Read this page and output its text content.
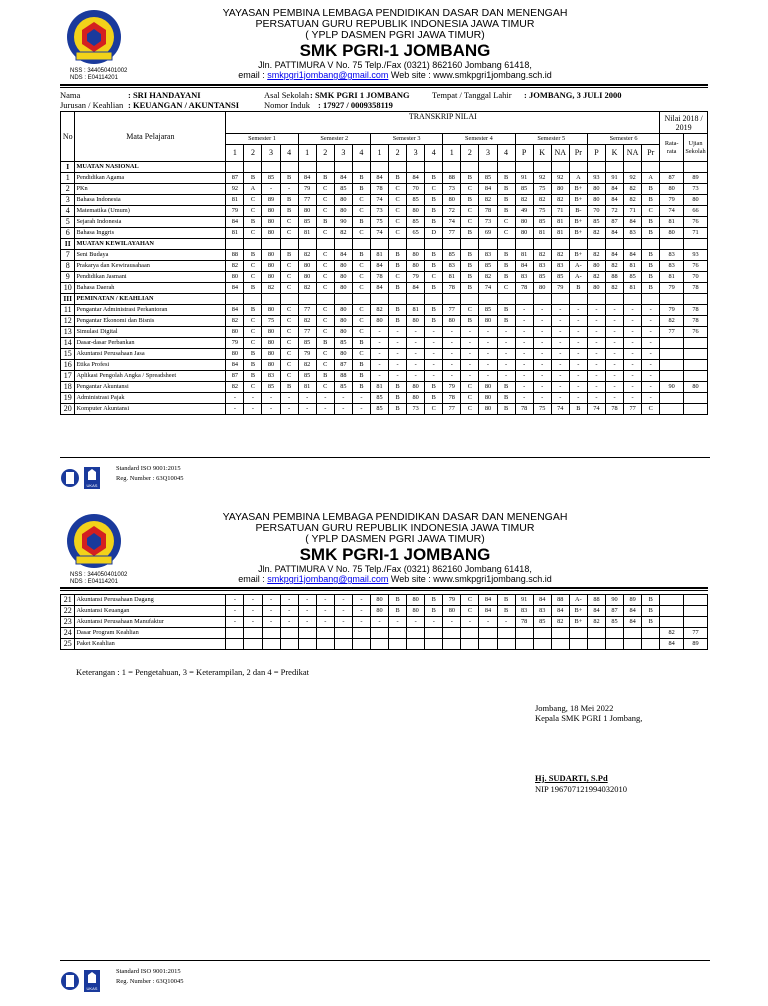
NSS : 344050401002
NDS : E04114201
YAYASAN PEMBINA LEMBAGA PENDIDIKAN DASAR DAN MENENGAH
PERSATUAN GURU REPUBLIK INDONESIA JAWA TIMUR
( YPLP DASMEN PGRI JAWA TIMUR)
SMK PGRI-1 JOMBANG
Jln. PATTIMURA V No. 75 Telp./Fax (0321) 862160 Jombang 61418,
email : smkpgri1jombang@gmail.com Web site : www.smkpgri1jombang.sch.id
Nama	: SRI HANDAYANI	Asal Sekolah : SMK PGRI 1 JOMBANG	Tempat / Tanggal Lahir : JOMBANG, 3 JULI 2000
Jurusan / Keahlian : KEUANGAN / AKUNTANSI	Nomor Induk : 17927 / 0009358119
No	Mata Pelajaran	TRANSKRIP NILAI																								Nilai 2018 / 2019	
		Semester 1				Semester 2				Semester 3				Semester 4				Semester 5				Semester 6				Rata-rata	Ujian Sekolah
		1	2	3	4	1	2	3	4	1	2	3	4	1	2	3	4	P	K	NA	Pr	P	K	NA	Pr		
I	MUATAN NASIONAL																										
1	Pendidikan Agama	87	B	85	B	84	B	84	B	84	B	84	B	88	B	85	B	91	92	92	A	93	91	92	A	87	89
2	PKn	92	A	-	-	79	C	85	B	78	C	70	C	73	C	84	B	85	75	80	B+	80	84	82	B	80	73
3	Bahasa Indonesia	81	C	89	B	77	C	80	C	74	C	85	B	80	B	82	B	82	82	82	B+	80	84	82	B	79	80
4	Matematika (Umum)	79	C	80	B	80	C	80	C	73	C	80	B	72	C	78	B	49	75	71	B-	70	72	71	C	74	66
5	Sejarah Indonesia	84	B	80	C	85	B	90	B	75	C	85	B	74	C	73	C	80	85	81	B+	85	87	84	B	81	76
6	Bahasa Inggris	81	C	80	C	81	C	82	C	74	C	65	D	77	B	69	C	80	81	81	B+	82	84	83	B	80	71
II	MUATAN KEWILAYAHAN																										
7	Seni Budaya	88	B	80	B	82	C	84	B	81	B	80	B	85	B	83	B	81	82	82	B+	82	84	84	B	83	93
8	Prakarya dan Kewirausahaan	82	C	80	C	80	C	80	C	84	B	80	B	83	B	85	B	84	83	83	A-	80	82	81	B	83	76
9	Pendidikan Jasmani	80	C	80	C	80	C	80	C	78	C	79	C	81	B	82	B	83	85	85	A-	82	88	85	B	81	70
10	Bahasa Daerah	84	B	82	C	82	C	80	C	84	B	84	B	78	B	74	C	78	80	79	B	80	82	81	B	79	78
III	PEMINATAN / KEAHLIAN																										
11	Pengantar Administrasi Perkantoran	84	B	80	C	77	C	80	C	82	B	81	B	77	C	85	B	-	-	-	-	-	-	-	-	79	78
12	Pengantar Ekonomi dan Bisnis	82	C	75	C	82	C	80	C	80	B	80	B	80	B	80	B	-	-	-	-	-	-	-	-	82	78
13	Simulasi Digital	80	C	80	C	77	C	80	C	-	-	-	-	-	-	-	-	-	-	-	-	-	-	-	-	77	76
14	Dasar-dasar Perbankan	79	C	80	C	85	B	85	B	-	-	-	-	-	-	-	-	-	-	-	-	-	-	-	-		
15	Akuntansi Perusahaan Jasa	80	B	80	C	79	C	80	C	-	-	-	-	-	-	-	-	-	-	-	-	-	-	-	-		
16	Etika Profesi	84	B	80	C	82	C	87	B	-	-	-	-	-	-	-	-	-	-	-	-	-	-	-	-		
17	Aplikasi Pengolah Angka / Spreadsheet	87	B	83	C	85	B	88	B	-	-	-	-	-	-	-	-	-	-	-	-	-	-	-	-		
18	Pengantar Akuntansi	82	C	85	B	81	C	85	B	81	B	80	B	79	C	80	B	-	-	-	-	-	-	-	-	90	80
19	Administrasi Pajak	-	-	-	-	-	-	-	-	85	B	80	B	78	C	80	B	-	-	-	-	-	-	-	-		
20	Komputer Akuntansi	-	-	-	-	-	-	-	-	85	B	73	C	77	C	80	B	78	75	74	B	74	78	77	C		
UKAS
Standard ISO 9001:2015
Reg. Number : 63Q10045
NSS : 344050401002
NDS : E04114201
YAYASAN PEMBINA LEMBAGA PENDIDIKAN DASAR DAN MENENGAH
PERSATUAN GURU REPUBLIK INDONESIA JAWA TIMUR
( YPLP DASMEN PGRI JAWA TIMUR)
SMK PGRI-1 JOMBANG
Jln. PATTIMURA V No. 75 Telp./Fax (0321) 862160 Jombang 61418,
email : smkpgri1jombang@gmail.com Web site : www.smkpgri1jombang.sch.id
21	Akuntansi Perusahaan Dagang	-	-	-	-	-	-	-	-	80	B	80	B	79	C	84	B	91	84	88	A-	88	90	89	B		
22	Akuntansi Keuangan	-	-	-	-	-	-	-	-	80	B	80	B	80	C	84	B	83	83	84	B+	84	87	84	B		
23	Akuntansi Perusahaan Manufaktur	-	-	-	-	-	-	-	-	-	-	-	-	-	-	-	-	78	85	82	B+	82	85	84	B		
24	Dasar Program Keahlian																									82	77
25	Paket Keahlian																									84	89
Keterangan : 1 = Pengetahuan, 3 = Keterampilan, 2 dan 4 = Predikat
Jombang, 18 Mei 2022
Kepala SMK PGRI 1 Jombang,
Hj. SUDARTI, S.Pd
NIP 196707121994032010
UKAS
Standard ISO 9001:2015
Reg. Number : 63Q10045
